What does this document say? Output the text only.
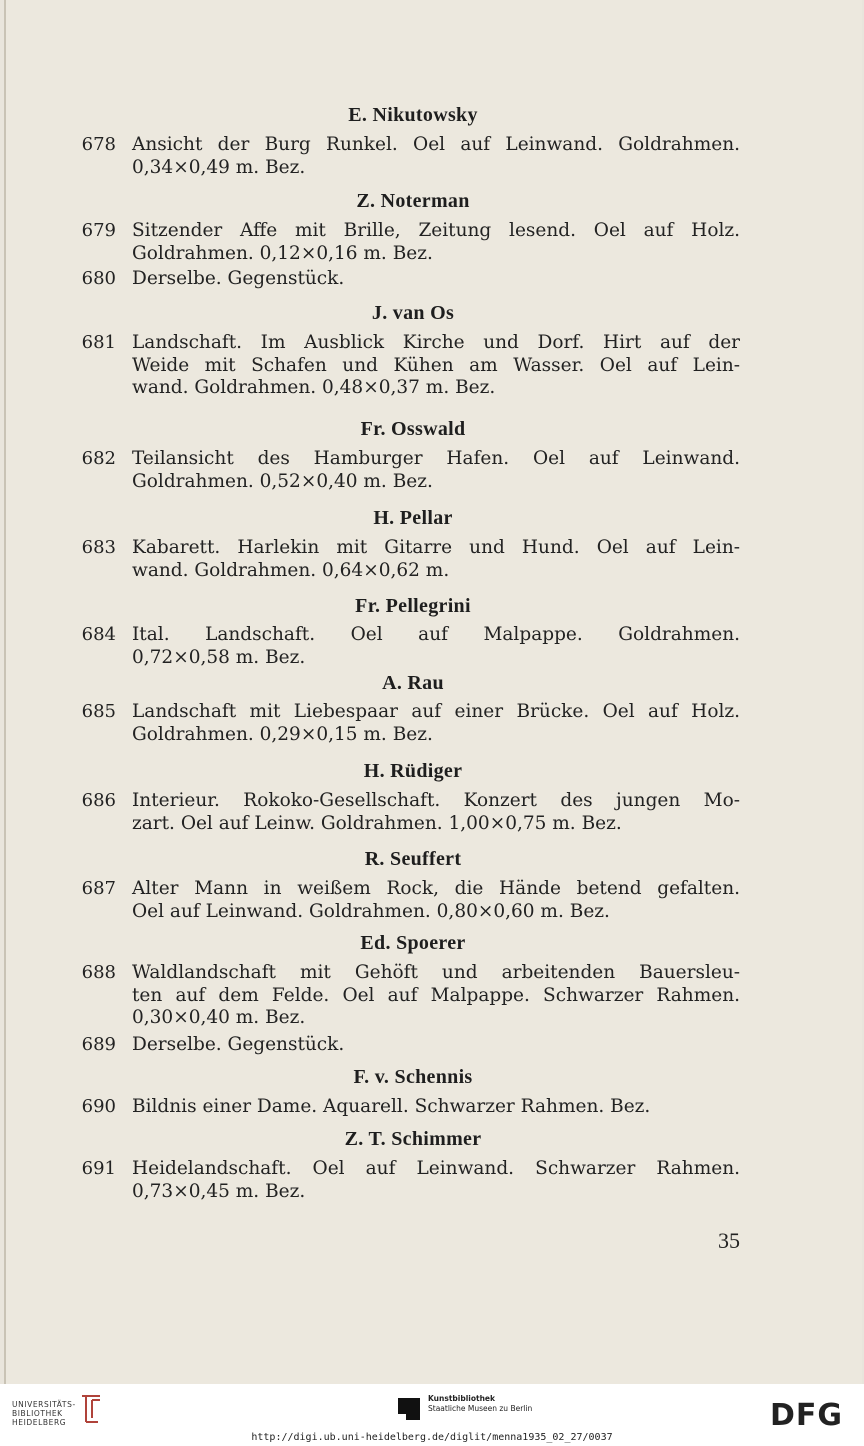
E. Nikutowsky
678 Ansicht der Burg Runkel. Oel auf Leinwand. Goldrahmen.
0,34×0,49 m. Bez.
Z. Noterman
679 Sitzender Affe mit Brille, Zeitung lesend. Oel auf Holz.
Goldrahmen. 0,12×0,16 m. Bez.
680 Derselbe. Gegenstück.
J. van Os
681 Landschaft. Im Ausblick Kirche und Dorf. Hirt auf der
Weide mit Schafen und Kühen am Wasser. Oel auf Lein-
wand. Goldrahmen. 0,48×0,37 m. Bez.
Fr. Osswald
682 Teilansicht des Hamburger Hafen. Oel auf Leinwand.
Goldrahmen. 0,52×0,40 m. Bez.
H. Pellar
683 Kabarett. Harlekin mit Gitarre und Hund. Oel auf Lein-
wand. Goldrahmen. 0,64×0,62 m.
Fr. Pellegrini
684 Ital. Landschaft. Oel auf Malpappe. Goldrahmen.
0,72×0,58 m. Bez.
A. Rau
685 Landschaft mit Liebespaar auf einer Brücke. Oel auf Holz.
Goldrahmen. 0,29×0,15 m. Bez.
H. Rüdiger
686 Interieur. Rokoko-Gesellschaft. Konzert des jungen Mo-
zart. Oel auf Leinw. Goldrahmen. 1,00×0,75 m. Bez.
R. Seuffert
687 Alter Mann in weißem Rock, die Hände betend gefalten.
Oel auf Leinwand. Goldrahmen. 0,80×0,60 m. Bez.
Ed. Spoerer
688 Waldlandschaft mit Gehöft und arbeitenden Bauersleu-
ten auf dem Felde. Oel auf Malpappe. Schwarzer Rahmen.
0,30×0,40 m. Bez.
689 Derselbe. Gegenstück.
F. v. Schennis
690 Bildnis einer Dame. Aquarell. Schwarzer Rahmen. Bez.
Z. T. Schimmer
691 Heidelandschaft. Oel auf Leinwand. Schwarzer Rahmen.
0,73×0,45 m. Bez.
35
UNIVERSITÄTS-
BIBLIOTHEK
HEIDELBERG
Kunstbibliothek
Staatliche Museen zu Berlin	DFG
http://digi.ub.uni-heidelberg.de/diglit/menna1935_02_27/0037
